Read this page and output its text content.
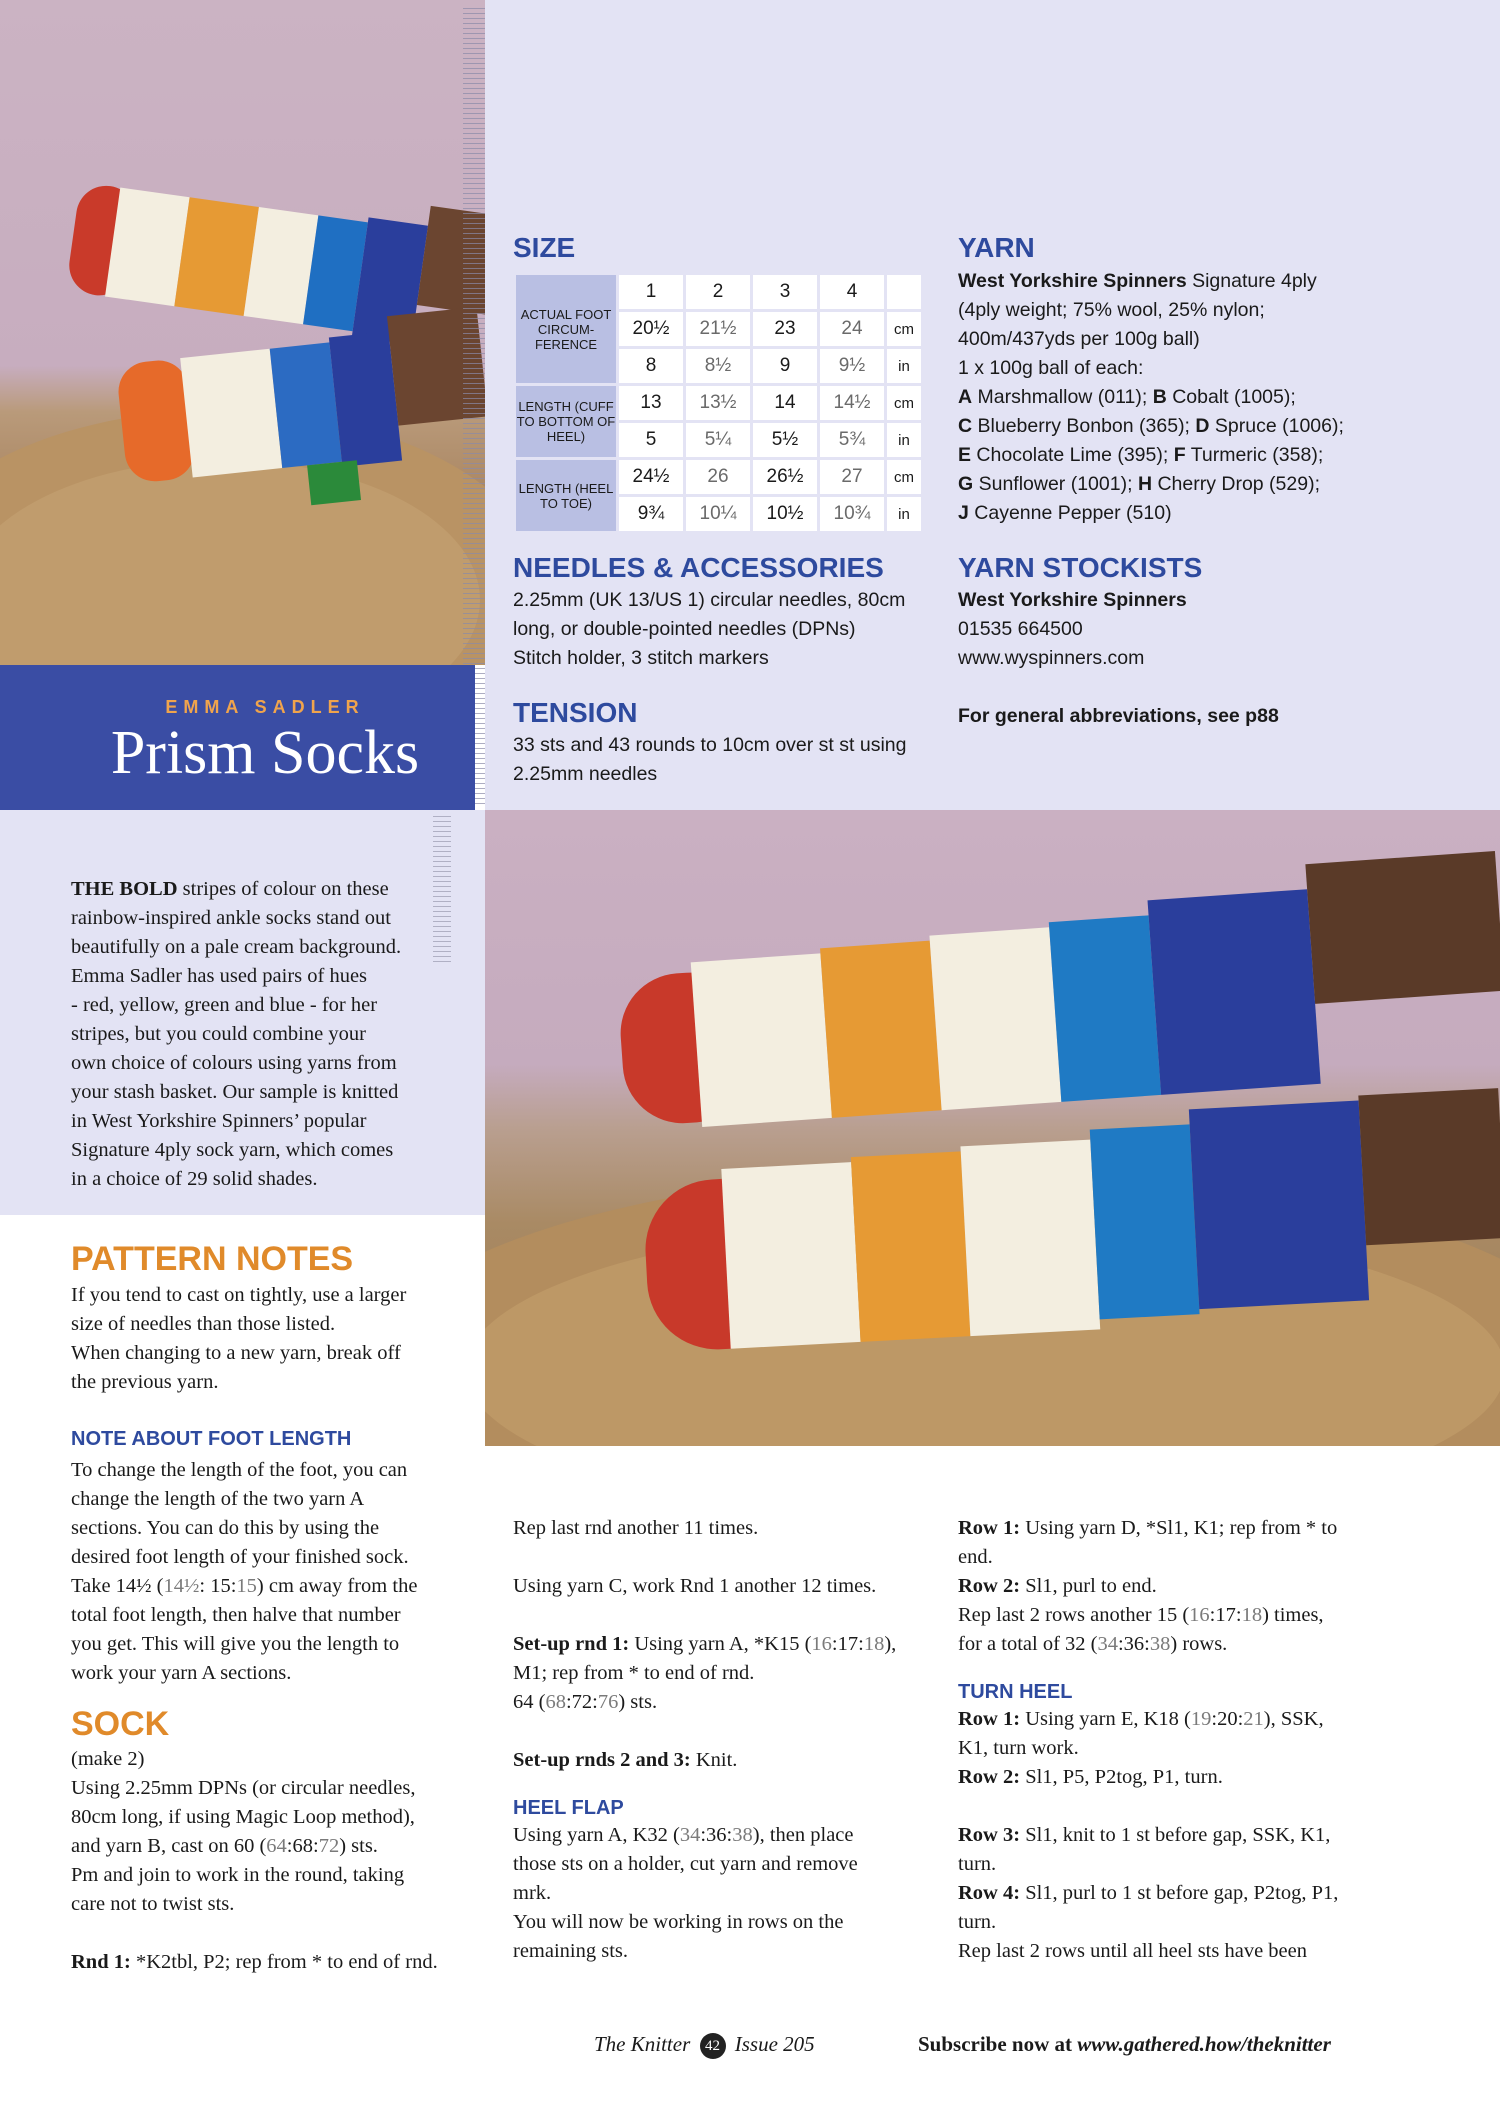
EMMA SADLER
Prism Socks
SIZE
ACTUAL FOOT CIRCUM-FERENCE	1	2	3	4	
	20½	21½	23	24	cm
	8	8½	9	9½	in
LENGTH (CUFF TO BOTTOM OF HEEL)	13	13½	14	14½	cm
	5	5¼	5½	5¾	in
LENGTH (HEEL TO TOE)	24½	26	26½	27	cm
	9¾	10¼	10½	10¾	in
NEEDLES & ACCESSORIES
2.25mm (UK 13/US 1) circular needles, 80cm
long, or double-pointed needles (DPNs)
Stitch holder, 3 stitch markers
TENSION
33 sts and 43 rounds to 10cm over st st using
2.25mm needles
YARN
West Yorkshire Spinners Signature 4ply
(4ply weight; 75% wool, 25% nylon;
400m/437yds per 100g ball)
1 x 100g ball of each:
A Marshmallow (011); B Cobalt (1005);
C Blueberry Bonbon (365); D Spruce (1006);
E Chocolate Lime (395); F Turmeric (358);
G Sunflower (1001); H Cherry Drop (529);
J Cayenne Pepper (510)
YARN STOCKISTS
West Yorkshire Spinners
01535 664500
www.wyspinners.com
For general abbreviations, see p88
THE BOLD stripes of colour on these
rainbow-inspired ankle socks stand out
beautifully on a pale cream background.
Emma Sadler has used pairs of hues
- red, yellow, green and blue - for her
stripes, but you could combine your
own choice of colours using yarns from
your stash basket. Our sample is knitted
in West Yorkshire Spinners’ popular
Signature 4ply sock yarn, which comes
in a choice of 29 solid shades.
PATTERN NOTES
If you tend to cast on tightly, use a larger
size of needles than those listed.
When changing to a new yarn, break off
the previous yarn.
NOTE ABOUT FOOT LENGTH
To change the length of the foot, you can
change the length of the two yarn A
sections. You can do this by using the
desired foot length of your finished sock.
Take 14½ (14½: 15:15) cm away from the
total foot length, then halve that number
you get. This will give you the length to
work your yarn A sections.
SOCK
(make 2)
Using 2.25mm DPNs (or circular needles,
80cm long, if using Magic Loop method),
and yarn B, cast on 60 (64:68:72) sts.
Pm and join to work in the round, taking
care not to twist sts.
Rnd 1: *K2tbl, P2; rep from * to end of rnd.
Rep last rnd another 11 times.
Using yarn C, work Rnd 1 another 12 times.
Set-up rnd 1: Using yarn A, *K15 (16:17:18),
M1; rep from * to end of rnd.
64 (68:72:76) sts.
Set-up rnds 2 and 3: Knit.
HEEL FLAP
Using yarn A, K32 (34:36:38), then place
those sts on a holder, cut yarn and remove
mrk.
You will now be working in rows on the
remaining sts.
Row 1: Using yarn D, *Sl1, K1; rep from * to
end.
Row 2: Sl1, purl to end.
Rep last 2 rows another 15 (16:17:18) times,
for a total of 32 (34:36:38) rows.
TURN HEEL
Row 1: Using yarn E, K18 (19:20:21), SSK,
K1, turn work.
Row 2: Sl1, P5, P2tog, P1, turn.
Row 3: Sl1, knit to 1 st before gap, SSK, K1,
turn.
Row 4: Sl1, purl to 1 st before gap, P2tog, P1,
turn.
Rep last 2 rows until all heel sts have been
The Knitter 42 Issue 205	Subscribe now at www.gathered.how/theknitter
